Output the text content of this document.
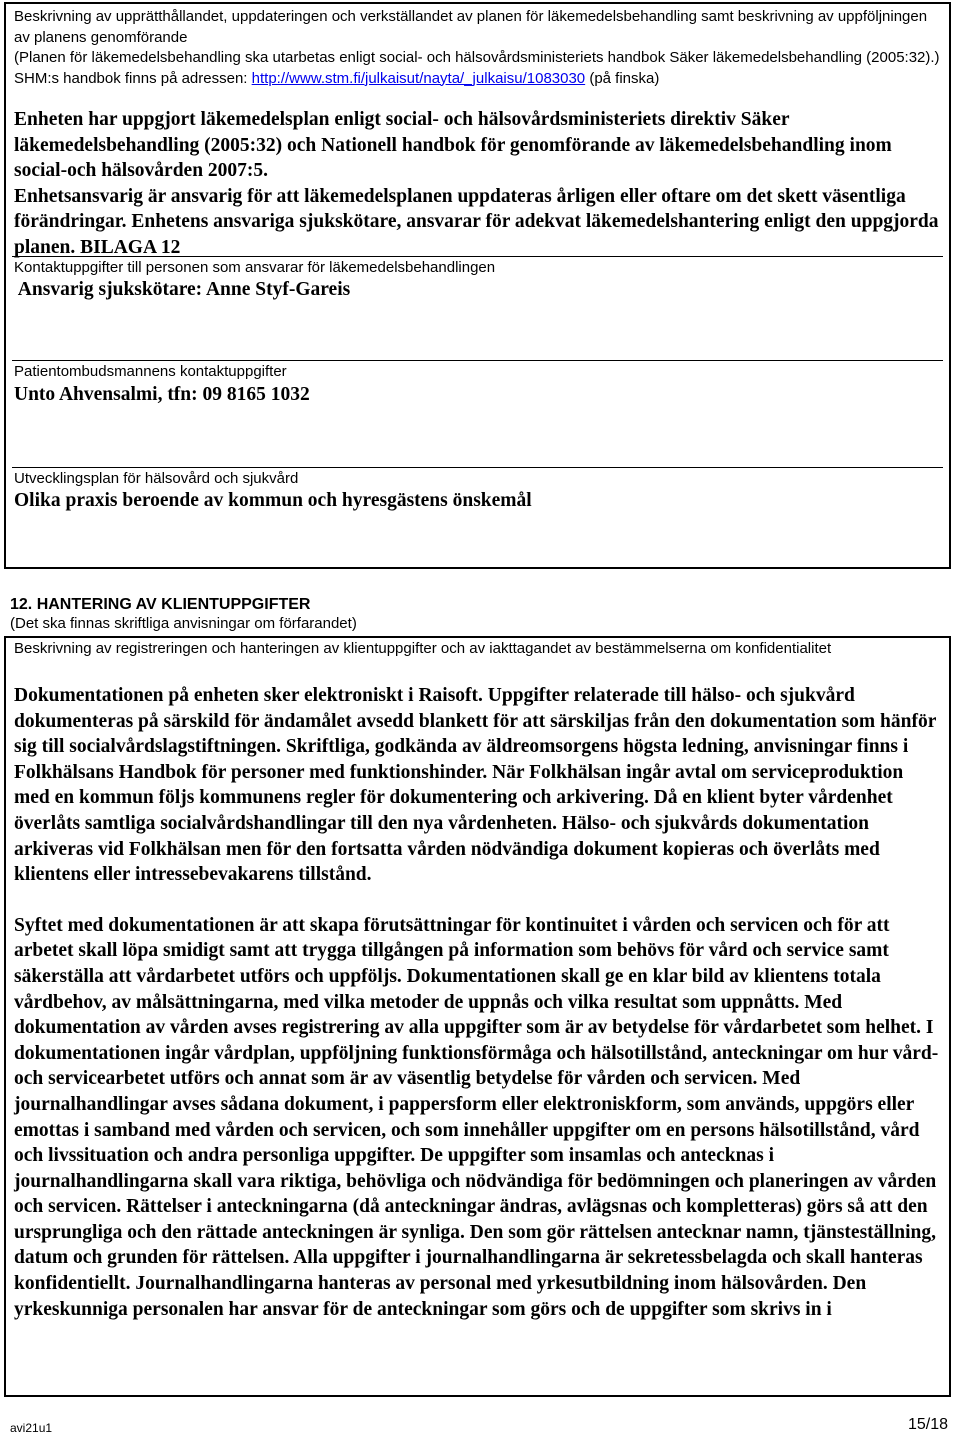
Beskrivning av upprätthållandet, uppdateringen och verkställandet av planen för läkemedelsbehandling samt beskrivning av uppföljningen av planens genomförande
(Planen för läkemedelsbehandling ska utarbetas enligt social- och hälsovårdsministeriets handbok Säker läkemedelsbehandling (2005:32).) SHM:s handbok finns på adressen: http://www.stm.fi/julkaisut/nayta/_julkaisu/1083030 (på finska)
Enheten har uppgjort läkemedelsplan enligt social- och hälsovårdsministeriets direktiv Säker läkemedelsbehandling (2005:32) och Nationell handbok för genomförande av läkemedelsbehandling inom social-och hälsovården 2007:5.
Enhetsansvarig är ansvarig för att läkemedelsplanen uppdateras årligen eller oftare om det skett väsentliga förändringar. Enhetens ansvariga sjukskötare, ansvarar för adekvat läkemedelshantering enligt den uppgjorda planen. BILAGA 12
Kontaktuppgifter till personen som ansvarar för läkemedelsbehandlingen
Ansvarig sjukskötare: Anne Styf-Gareis
Patientombudsmannens kontaktuppgifter
Unto Ahvensalmi, tfn: 09 8165 1032
Utvecklingsplan för hälsovård och sjukvård
Olika praxis beroende av kommun och hyresgästens önskemål
12. HANTERING AV KLIENTUPPGIFTER
(Det ska finnas skriftliga anvisningar om förfarandet)
Beskrivning av registreringen och hanteringen av klientuppgifter och av iakttagandet av bestämmelserna om konfidentialitet
Dokumentationen på enheten sker elektroniskt i Raisoft. Uppgifter relaterade till hälso- och sjukvård dokumenteras på särskild för ändamålet avsedd blankett för att särskiljas från den dokumentation som hänför sig till socialvårdslagstiftningen. Skriftliga, godkända av äldreomsorgens högsta ledning, anvisningar finns i Folkhälsans Handbok för personer med funktionshinder. När Folkhälsan ingår avtal om serviceproduktion med en kommun följs kommunens regler för dokumentering och arkivering. Då en klient byter vårdenhet överlåts samtliga socialvårdshandlingar till den nya vårdenheten. Hälso- och sjukvårds dokumentation arkiveras vid Folkhälsan men för den fortsatta vården nödvändiga dokument kopieras och överlåts med klientens eller intressebevakarens tillstånd.
Syftet med dokumentationen är att skapa förutsättningar för kontinuitet i vården och servicen och för att arbetet skall löpa smidigt samt att trygga tillgången på information som behövs för vård och service samt säkerställa att vårdarbetet utförs och uppföljs. Dokumentationen skall ge en klar bild av klientens totala vårdbehov, av målsättningarna, med vilka metoder de uppnås och vilka resultat som uppnåtts. Med dokumentation av vården avses registrering av alla uppgifter som är av betydelse för vårdarbetet som helhet. I dokumentationen ingår vårdplan, uppföljning funktionsförmåga och hälsotillstånd, anteckningar om hur vård- och servicearbetet utförs och annat som är av väsentlig betydelse för vården och servicen. Med journalhandlingar avses sådana dokument, i pappersform eller elektroniskform, som används, uppgörs eller emottas i samband med vården och servicen, och som innehåller uppgifter om en persons hälsotillstånd, vård och livssituation och andra personliga uppgifter. De uppgifter som insamlas och antecknas i journalhandlingarna skall vara riktiga, behövliga och nödvändiga för bedömningen och planeringen av vården och servicen. Rättelser i anteckningarna (då anteckningar ändras, avlägsnas och kompletteras) görs så att den ursprungliga och den rättade anteckningen är synliga. Den som gör rättelsen antecknar namn, tjänsteställning, datum och grunden för rättelsen. Alla uppgifter i journalhandlingarna är sekretessbelagda och skall hanteras konfidentiellt. Journalhandlingarna hanteras av personal med yrkesutbildning inom hälsovården. Den yrkeskunniga personalen har ansvar för de anteckningar som görs och de uppgifter som skrivs in i
avi21u1	15/18
